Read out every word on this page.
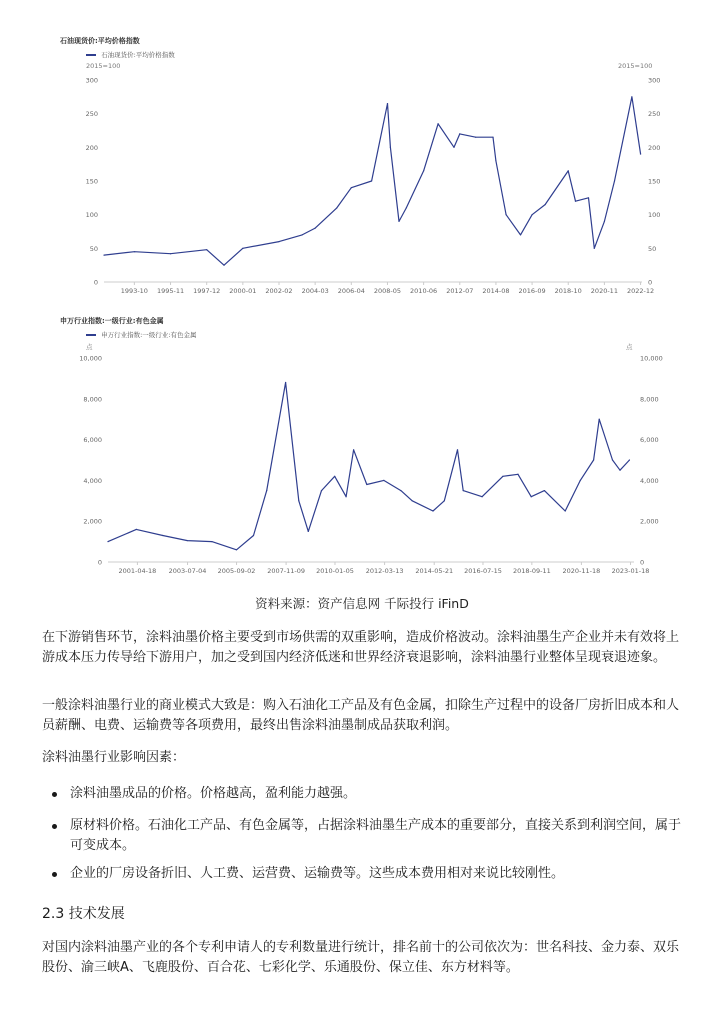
石油现货价:平均价格指数
石油现货价:平均价格指数
2015=100	2015=100
0	0
50	50
100	100
150	150
200	200
250	250
300	300
1993-10 1995-11 1997-12 2000-01 2002-02 2004-03 2006-04 2008-05 2010-06 2012-07 2014-08 2016-09 2018-10 2020-11 2022-12
申万行业指数:一级行业:有色金属
申万行业指数:一级行业:有色金属
点	点
0	0
2,000	2,000
4,000	4,000
6,000	6,000
8,000	8,000
10,000	10,000
2001-04-18 2003-07-04 2005-09-02 2007-11-09 2010-01-05 2012-03-13 2014-05-21 2016-07-15 2018-09-11 2020-11-18 2023-01-18
资料来源：资产信息网 千际投行 iFinD

在下游销售环节，涂料油墨价格主要受到市场供需的双重影响，造成价格波动。涂料油墨生产企业并未有效将上游成本压力传导给下游用户，加之受到国内经济低迷和世界经济衰退影响，涂料油墨行业整体呈现衰退迹象。

一般涂料油墨行业的商业模式大致是：购入石油化工产品及有色金属，扣除生产过程中的设备厂房折旧成本和人员薪酬、电费、运输费等各项费用，最终出售涂料油墨制成品获取利润。

涂料油墨行业影响因素：

涂料油墨成品的价格。价格越高，盈利能力越强。
原材料价格。石油化工产品、有色金属等，占据涂料油墨生产成本的重要部分，直接关系到利润空间，属于可变成本。
企业的厂房设备折旧、人工费、运营费、运输费等。这些成本费用相对来说比较刚性。
2.3 技术发展

对国内涂料油墨产业的各个专利申请人的专利数量进行统计，排名前十的公司依次为：世名科技、金力泰、双乐股份、渝三峡A、飞鹿股份、百合花、七彩化学、乐通股份、保立佳、东方材料等。
